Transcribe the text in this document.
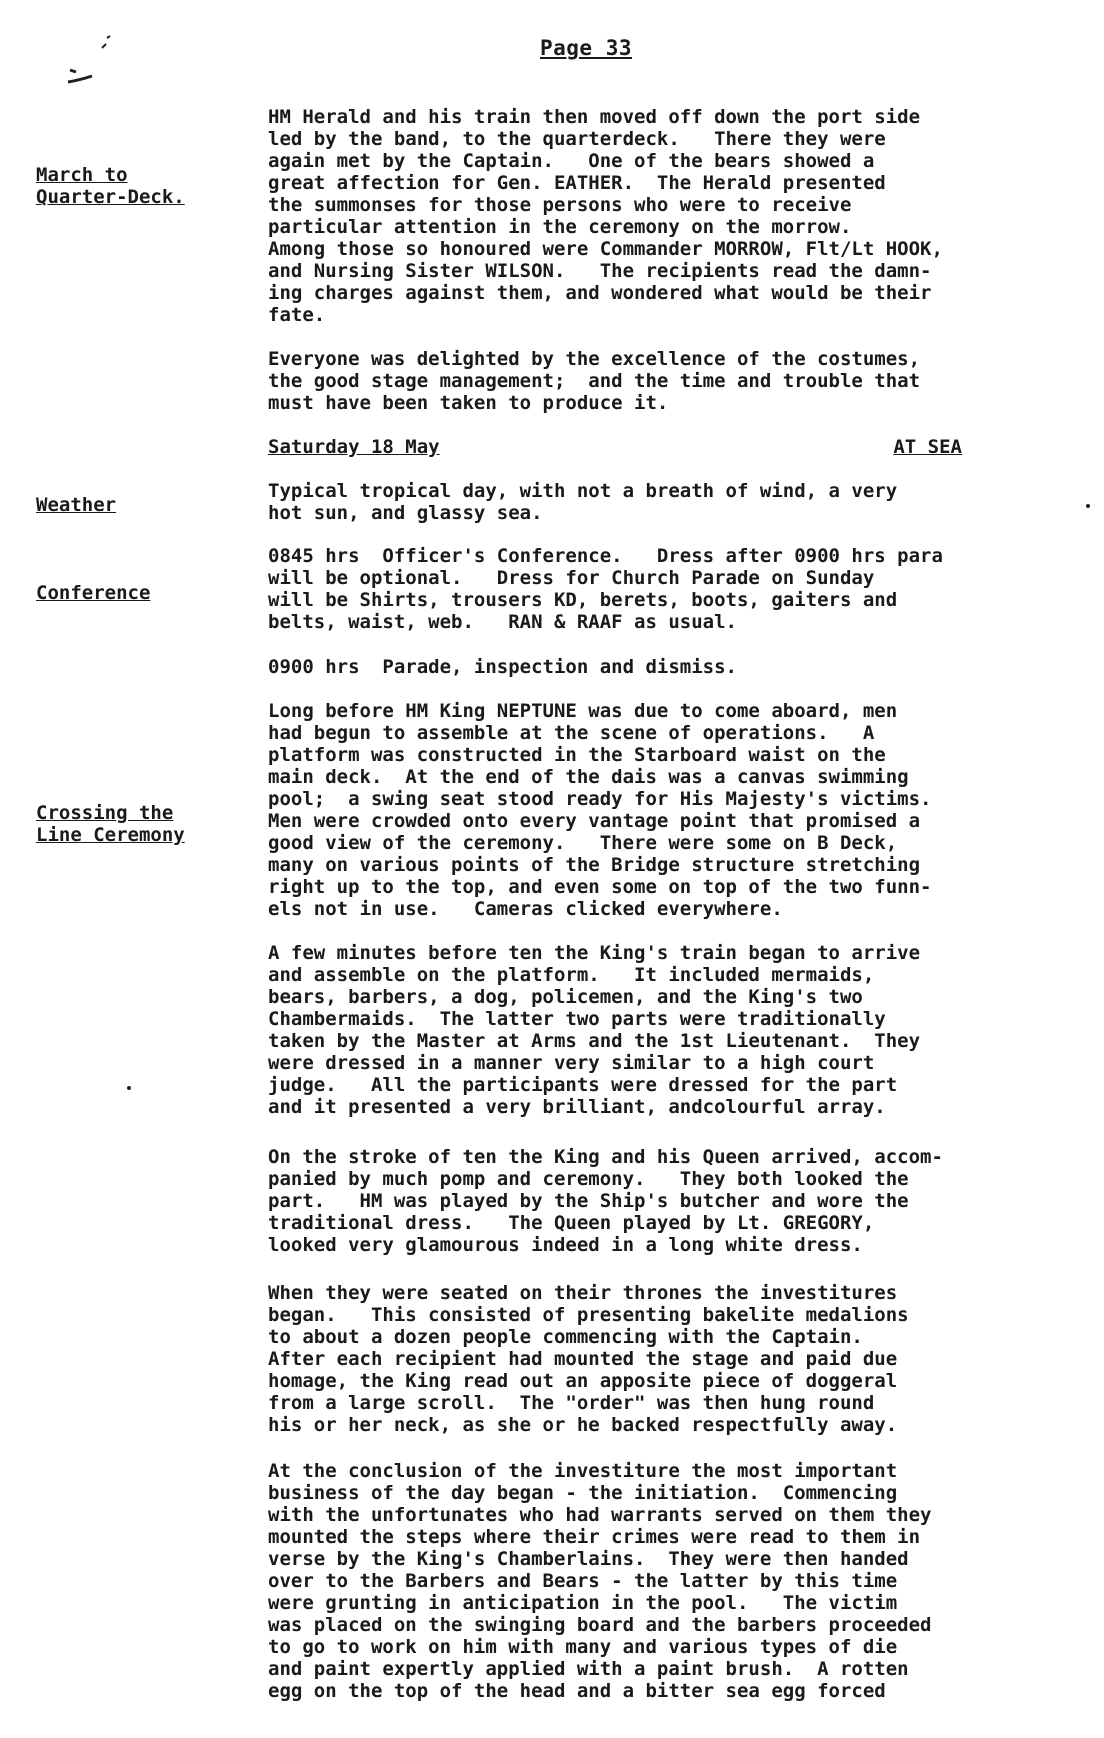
Page 33
March to
Quarter-Deck.
Weather
Conference
Crossing the
Line Ceremony
HM Herald and his train then moved off down the port side
led by the band, to the quarterdeck.   There they were
again met by the Captain.   One of the bears showed a
great affection for Gen. EATHER.  The Herald presented
the summonses for those persons who were to receive
particular attention in the ceremony on the morrow.
Among those so honoured were Commander MORROW, Flt/Lt HOOK,
and Nursing Sister WILSON.   The recipients read the damn-
ing charges against them, and wondered what would be their
fate.
Everyone was delighted by the excellence of the costumes,
the good stage management;  and the time and trouble that
must have been taken to produce it.
Saturday 18 May	AT SEA
Typical tropical day, with not a breath of wind, a very
hot sun, and glassy sea.
0845 hrs  Officer's Conference.   Dress after 0900 hrs para
will be optional.   Dress for Church Parade on Sunday
will be Shirts, trousers KD, berets, boots, gaiters and
belts, waist, web.   RAN & RAAF as usual.
0900 hrs  Parade, inspection and dismiss.
Long before HM King NEPTUNE was due to come aboard, men
had begun to assemble at the scene of operations.   A
platform was constructed in the Starboard waist on the
main deck.  At the end of the dais was a canvas swimming
pool;  a swing seat stood ready for His Majesty's victims.
Men were crowded onto every vantage point that promised a
good view of the ceremony.   There were some on B Deck,
many on various points of the Bridge structure stretching
right up to the top, and even some on top of the two funn-
els not in use.   Cameras clicked everywhere.
A few minutes before ten the King's train began to arrive
and assemble on the platform.   It included mermaids,
bears, barbers, a dog, policemen, and the King's two
Chambermaids.  The latter two parts were traditionally
taken by the Master at Arms and the 1st Lieutenant.  They
were dressed in a manner very similar to a high court
judge.   All the participants were dressed for the part
and it presented a very brilliant, andcolourful array.
On the stroke of ten the King and his Queen arrived, accom-
panied by much pomp and ceremony.   They both looked the
part.   HM was played by the Ship's butcher and wore the
traditional dress.   The Queen played by Lt. GREGORY,
looked very glamourous indeed in a long white dress.
When they were seated on their thrones the investitures
began.   This consisted of presenting bakelite medalions
to about a dozen people commencing with the Captain.
After each recipient had mounted the stage and paid due
homage, the King read out an apposite piece of doggeral
from a large scroll.  The "order" was then hung round
his or her neck, as she or he backed respectfully away.
At the conclusion of the investiture the most important
business of the day began - the initiation.  Commencing
with the unfortunates who had warrants served on them they
mounted the steps where their crimes were read to them in
verse by the King's Chamberlains.  They were then handed
over to the Barbers and Bears - the latter by this time
were grunting in anticipation in the pool.   The victim
was placed on the swinging board and the barbers proceeded
to go to work on him with many and various types of die
and paint expertly applied with a paint brush.  A rotten
egg on the top of the head and a bitter sea egg forced
